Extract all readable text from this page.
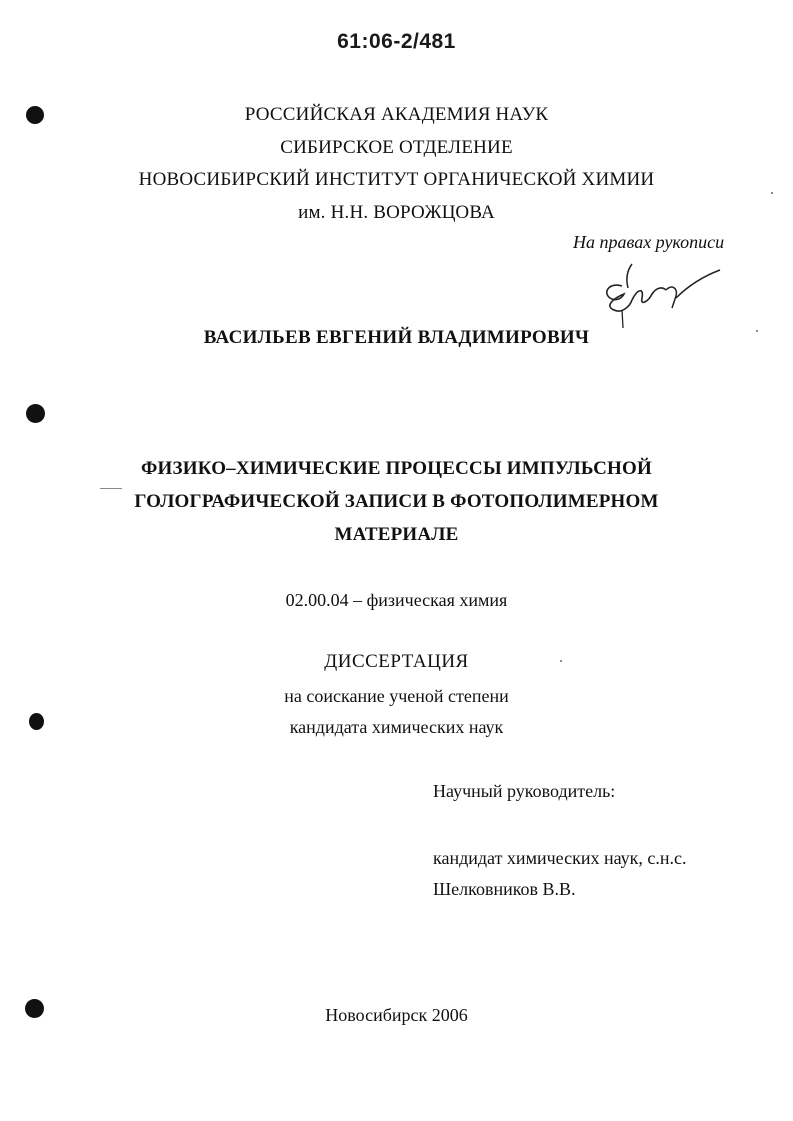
61:06-2/481
РОССИЙСКАЯ АКАДЕМИЯ НАУК
СИБИРСКОЕ ОТДЕЛЕНИЕ
НОВОСИБИРСКИЙ ИНСТИТУТ ОРГАНИЧЕСКОЙ ХИМИИ
им. Н.Н. ВОРОЖЦОВА
На правах рукописи
ВАСИЛЬЕВ ЕВГЕНИЙ ВЛАДИМИРОВИЧ
ФИЗИКО–ХИМИЧЕСКИЕ ПРОЦЕССЫ ИМПУЛЬСНОЙ
ГОЛОГРАФИЧЕСКОЙ ЗАПИСИ В ФОТОПОЛИМЕРНОМ
МАТЕРИАЛЕ
02.00.04 – физическая химия
ДИССЕРТАЦИЯ
на соискание ученой степени
кандидата химических наук
Научный руководитель:
кандидат химических наук, с.н.с.
Шелковников В.В.
Новосибирск 2006
